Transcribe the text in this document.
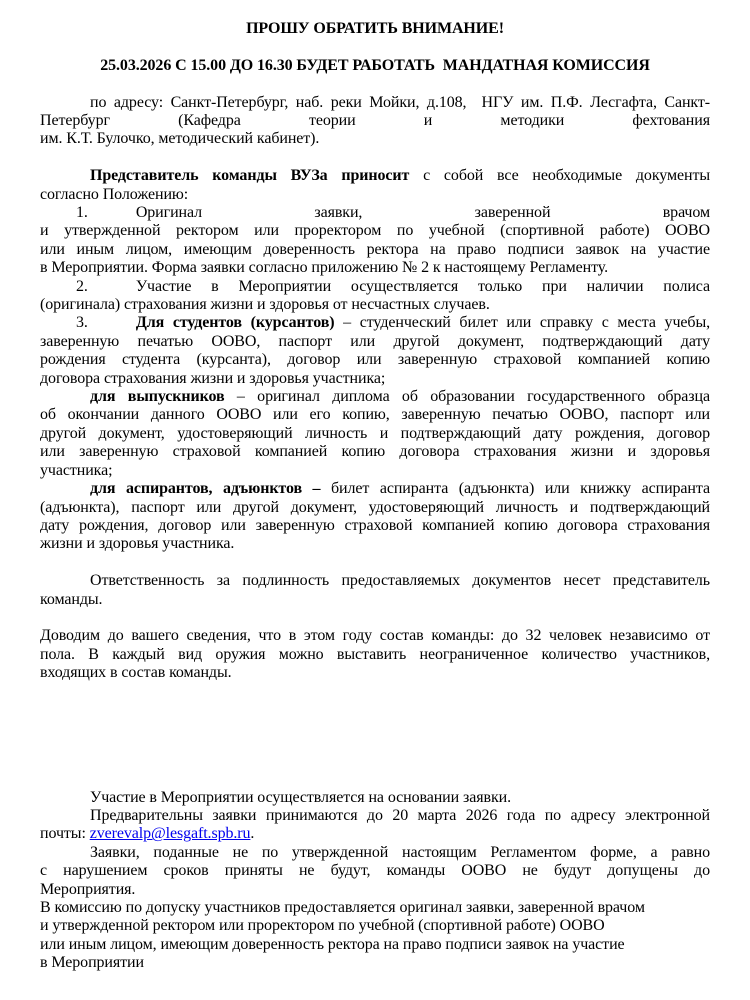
ПРОШУ ОБРАТИТЬ ВНИМАНИЕ!
25.03.2026 С 15.00 ДО 16.30 БУДЕТ РАБОТАТЬ  МАНДАТНАЯ КОМИССИЯ
по адресу: Санкт-Петербург, наб. реки Мойки, д.108,  НГУ им. П.Ф. Лесгафта, Санкт-
Петербург (Кафедра теории и методики фехтования
им. К.Т. Булочко, методический кабинет).
Представитель команды ВУЗа приносит с собой все необходимые документы
согласно Положению:
1.	Оригинал заявки, заверенной врачом
и утвержденной ректором или проректором по учебной (спортивной работе) ООВО
или иным лицом, имеющим доверенность ректора на право подписи заявок на участие
в Мероприятии. Форма заявки согласно приложению № 2 к настоящему Регламенту.
2.	Участие в Мероприятии осуществляется только при наличии полиса
(оригинала) страхования жизни и здоровья от несчастных случаев.
3.	Для студентов (курсантов) – студенческий билет или справку с места учебы,
заверенную печатью ООВО, паспорт или другой документ, подтверждающий дату
рождения студента (курсанта), договор или заверенную страховой компанией копию
договора страхования жизни и здоровья участника;
для выпускников – оригинал диплома об образовании государственного образца
об окончании данного ООВО или его копию, заверенную печатью ООВО, паспорт или
другой документ, удостоверяющий личность и подтверждающий дату рождения, договор
или заверенную страховой компанией копию договора страхования жизни и здоровья
участника;
для аспирантов, адъюнктов – билет аспиранта (адъюнкта) или книжку аспиранта
(адъюнкта), паспорт или другой документ, удостоверяющий личность и подтверждающий
дату рождения, договор или заверенную страховой компанией копию договора страхования
жизни и здоровья участника.
Ответственность за подлинность предоставляемых документов несет представитель
команды.
Доводим до вашего сведения, что в этом году состав команды: до 32 человек независимо от
пола. В каждый вид оружия можно выставить неограниченное количество участников,
входящих в состав команды.
Участие в Мероприятии осуществляется на основании заявки.
Предварительны заявки принимаются до 20 марта 2026 года по адресу электронной
почты: zverevalp@lesgaft.spb.ru.
Заявки, поданные не по утвержденной настоящим Регламентом форме, а равно
с нарушением сроков приняты не будут, команды ООВО не будут допущены до
Мероприятия.
В комиссию по допуску участников предоставляется оригинал заявки, заверенной врачом
и утвержденной ректором или проректором по учебной (спортивной работе) ООВО
или иным лицом, имеющим доверенность ректора на право подписи заявок на участие
в Мероприятии
